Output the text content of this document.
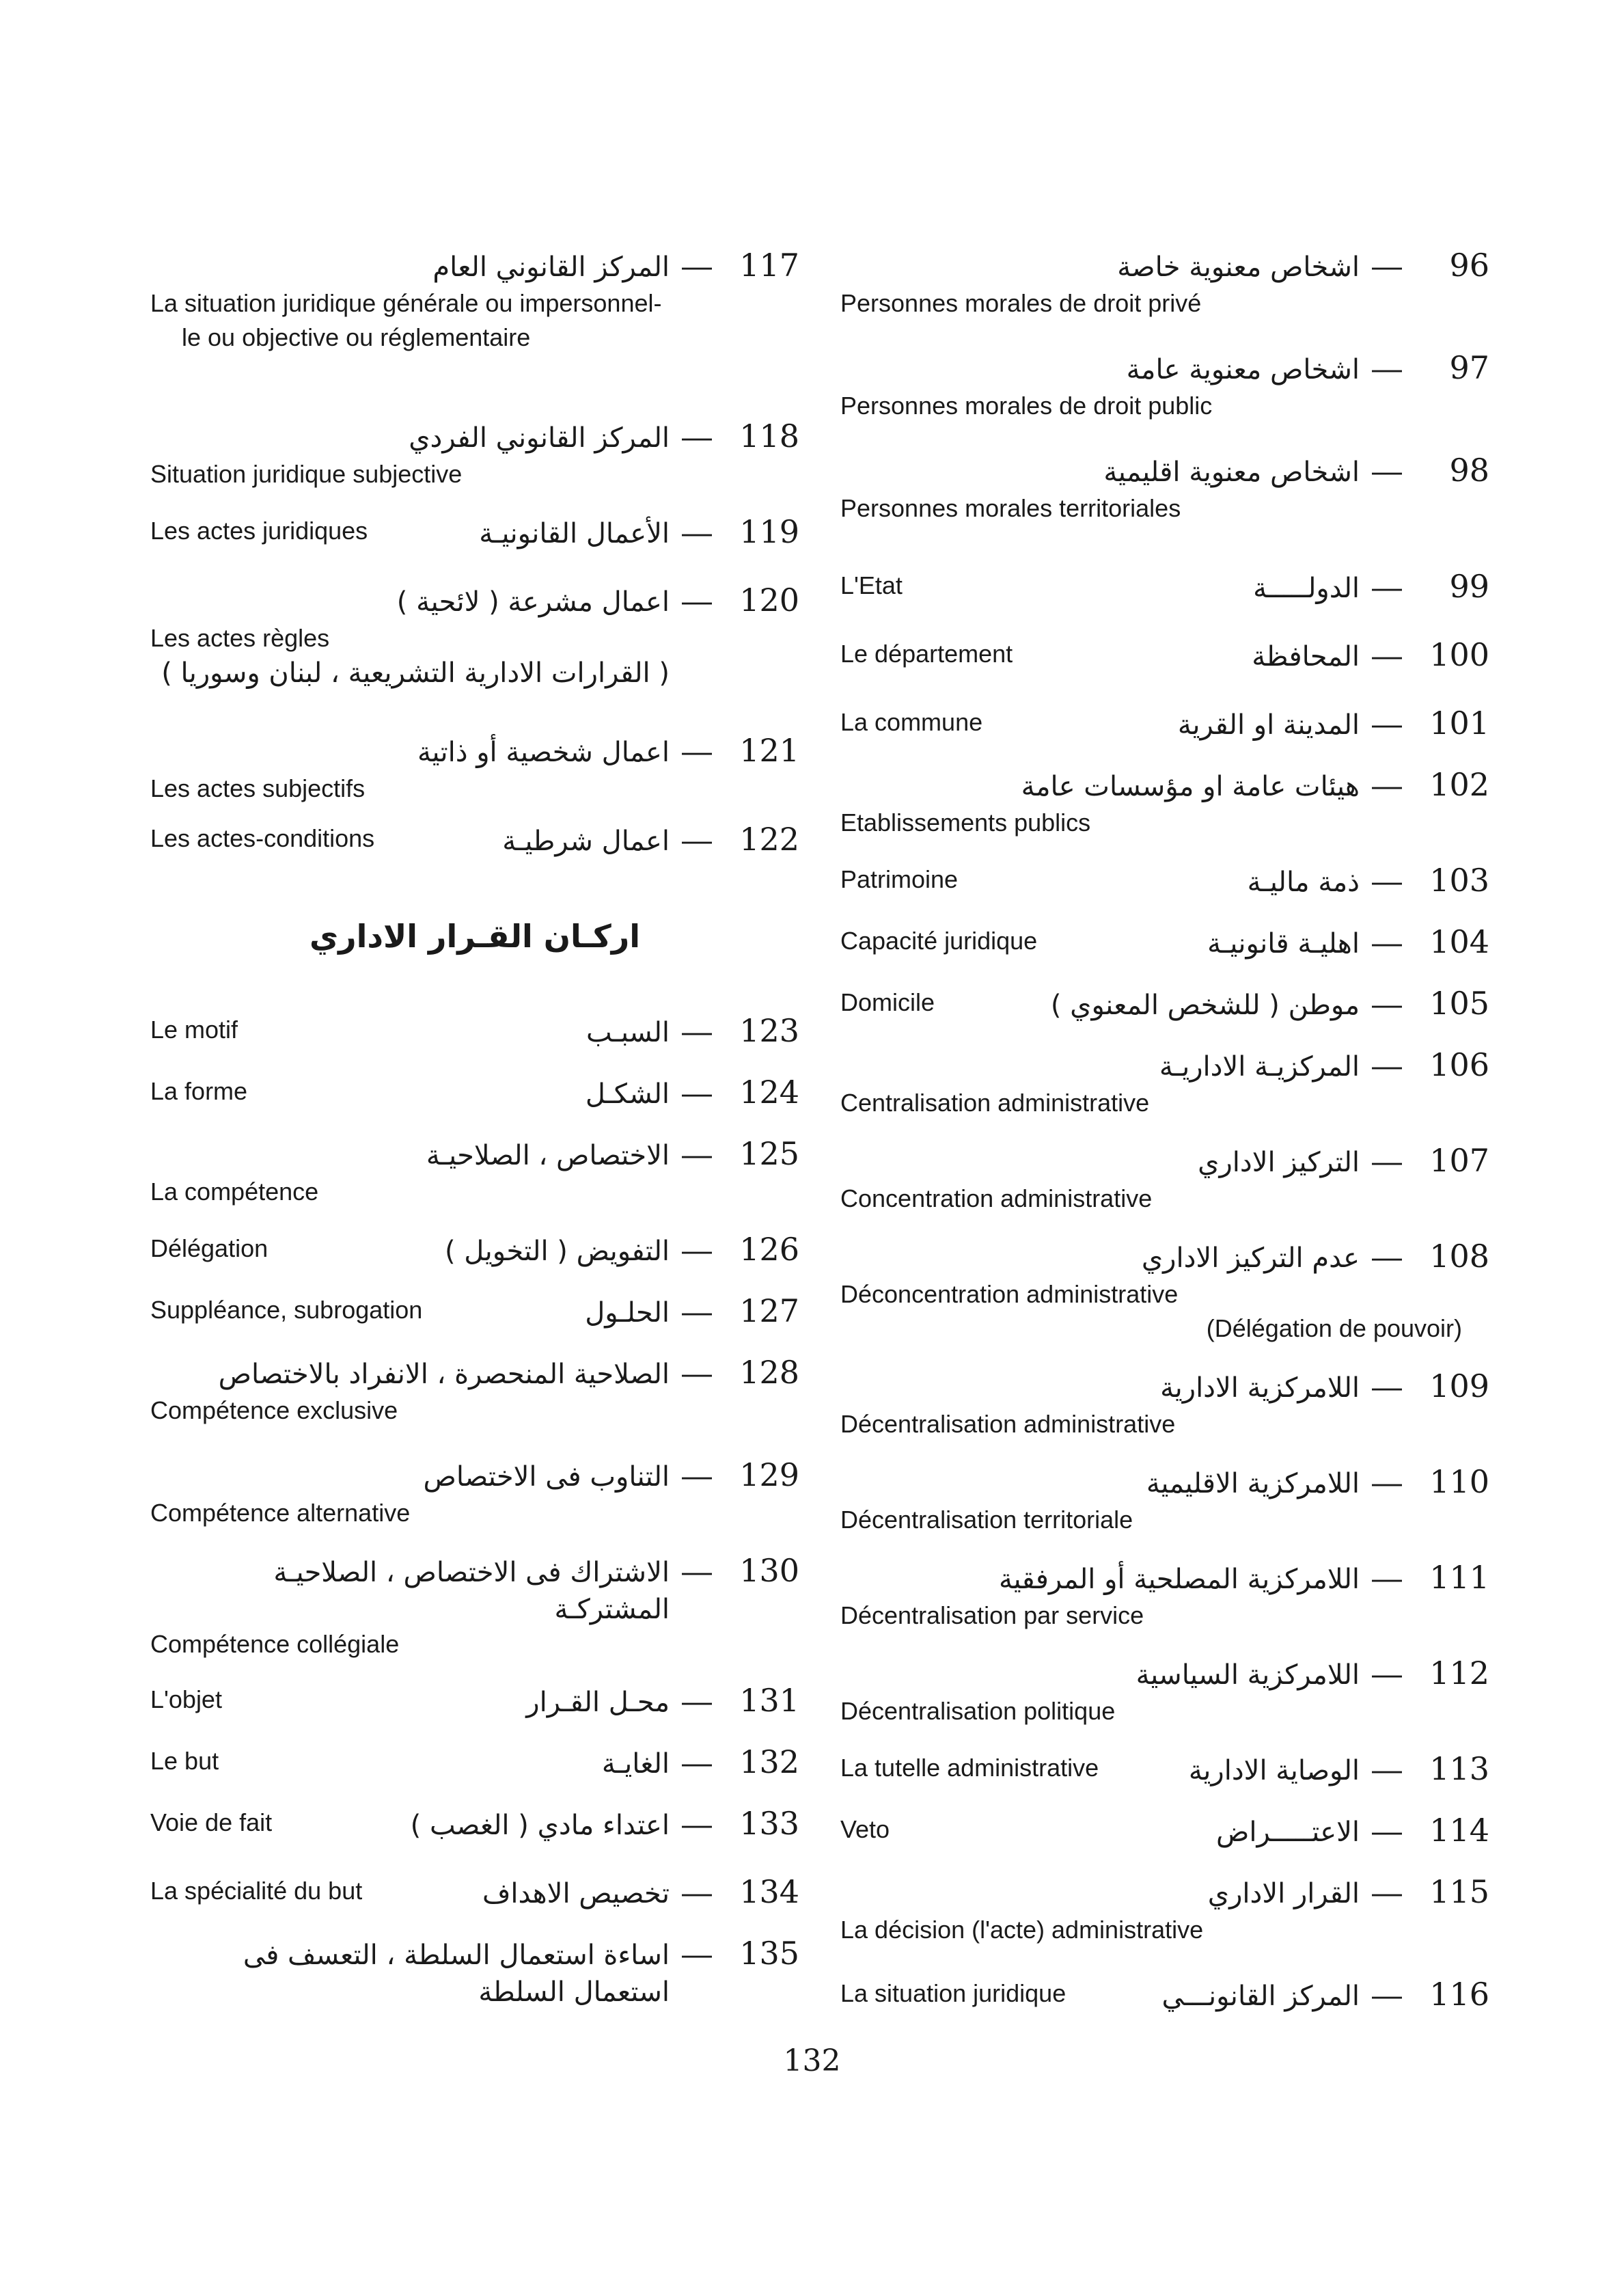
96
—
اشخاص معنوية خاصة
Personnes morales de droit privé
97
—
اشخاص معنوية عامة
Personnes morales de droit public
98
—
اشخاص معنوية اقليمية
Personnes morales territoriales
99
—
الدولـــــة
L'Etat
100
—
المحافظة
Le département
101
—
المدينة او القرية
La commune
102
—
هيئات عامة او مؤسسات عامة
Etablissements publics
103
—
ذمة ماليـة
Patrimoine
104
—
اهليـة قانونيـة
Capacité juridique
105
—
موطن ( للشخص المعنوي )
Domicile
106
—
المركزيـة الاداريـة
Centralisation administrative
107
—
التركيز الاداري
Concentration administrative
108
—
عدم التركيز الاداري
Déconcentration administrative
(Délégation de pouvoir)
109
—
اللامركزية الادارية
Décentralisation administrative
110
—
اللامركزية الاقليمية
Décentralisation territoriale
111
—
اللامركزية المصلحية أو المرفقية
Décentralisation par service
112
—
اللامركزية السياسية
Décentralisation politique
113
—
الوصاية الادارية
La tutelle administrative
114
—
الاعتـــــراض
Veto
115
—
القرار الاداري
La décision (l'acte) administrative
116
—
المركز القانونـــي
La situation juridique
اركـان القـرار الاداري
117
—
المركز القانوني العام
La situation juridique générale ou impersonnel-
le ou objective ou réglementaire
118
—
المركز القانوني الفردي
Situation juridique subjective
119
—
الأعمال القانونيـة
Les actes juridiques
120
—
اعمال مشرعة ( لائحية )
Les actes règles
( القرارات الادارية التشريعية ، لبنان وسوريا )
121
—
اعمال شخصية أو ذاتية
Les actes subjectifs
122
—
اعمال شرطيـة
Les actes-conditions
123
—
السبـب
Le motif
124
—
الشكـل
La forme
125
—
الاختصاص ، الصلاحيـة
La compétence
126
—
التفويض ( التخويل )
Délégation
127
—
الحلـول
Suppléance, subrogation
128
—
الصلاحية المنحصرة ، الانفراد بالاختصاص
Compétence exclusive
129
—
التناوب فى الاختصاص
Compétence alternative
130
—
الاشتراك فى الاختصاص ، الصلاحيـة
المشتركـة
Compétence collégiale
131
—
محـل القـرار
L'objet
132
—
الغايـة
Le but
133
—
اعتداء مادي ( الغصب )
Voie de fait
134
—
تخصيص الاهداف
La spécialité du but
135
—
اساءة استعمال السلطة ، التعسف فى
استعمال السلطة
132
